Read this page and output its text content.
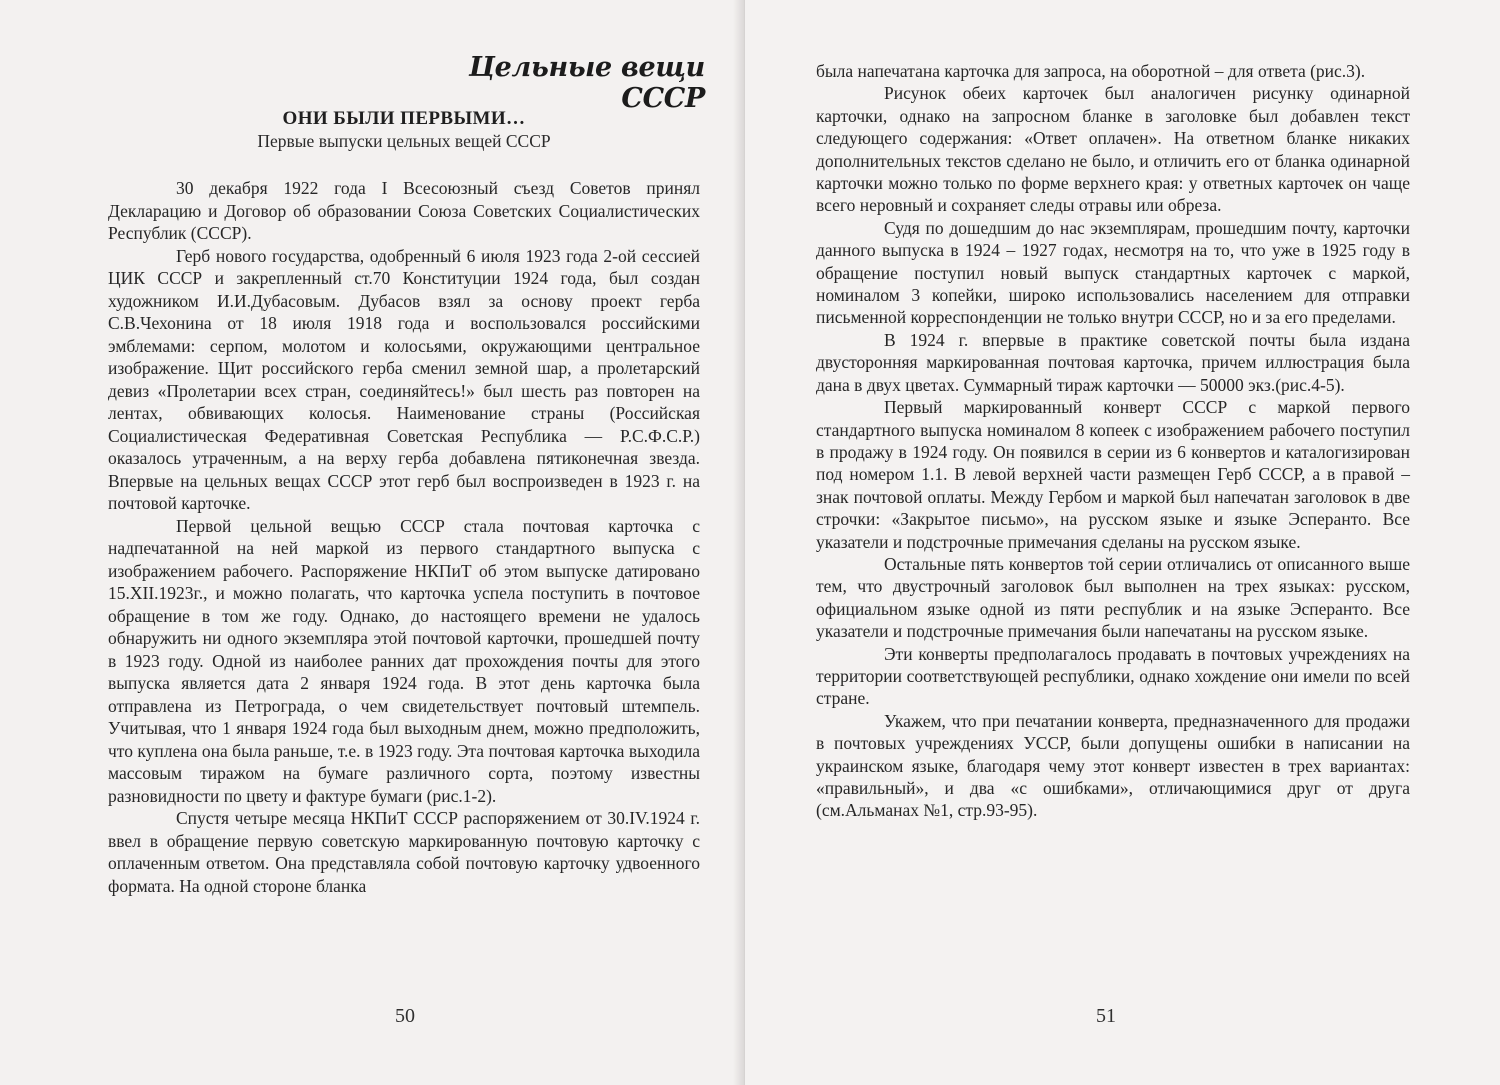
Цельные вещи СССР
ОНИ БЫЛИ ПЕРВЫМИ…
Первые выпуски цельных вещей СССР

30 декабря 1922 года I Всесоюзный съезд Советов принял Декларацию и Договор об образовании Союза Советских Социалистических Республик (СССР).

Герб нового государства, одобренный 6 июля 1923 года 2-ой сессией ЦИК СССР и закрепленный ст.70 Конституции 1924 года, был создан художником И.И.Дубасовым. Дубасов взял за основу проект герба С.В.Чехонина от 18 июля 1918 года и воспользовался российскими эмблемами: серпом, молотом и колосьями, окружающими центральное изображение. Щит российского герба сменил земной шар, а пролетарский девиз «Пролетарии всех стран, соединяйтесь!» был шесть раз повторен на лентах, обвивающих колосья. Наименование страны (Российская Социалистическая Федеративная Советская Республика — Р.С.Ф.С.Р.) оказалось утраченным, а на верху герба добавлена пятиконечная звезда. Впервые на цельных вещах СССР этот герб был воспроизведен в 1923 г. на почтовой карточке.

Первой цельной вещью СССР стала почтовая карточка с надпечатанной на ней маркой из первого стандартного выпуска с изображением рабочего. Распоряжение НКПиТ об этом выпуске датировано 15.XII.1923г., и можно полагать, что карточка успела поступить в почтовое обращение в том же году. Однако, до настоящего времени не удалось обнаружить ни одного экземпляра этой почтовой карточки, прошедшей почту в 1923 году. Одной из наиболее ранних дат прохождения почты для этого выпуска является дата 2 января 1924 года. В этот день карточка была отправлена из Петрограда, о чем свидетельствует почтовый штемпель. Учитывая, что 1 января 1924 года был выходным днем, можно предположить, что куплена она была раньше, т.е. в 1923 году. Эта почтовая карточка выходила массовым тиражом на бумаге различного сорта, поэтому известны разновидности по цвету и фактуре бумаги (рис.1-2).

Спустя четыре месяца НКПиТ СССР распоряжением от 30.IV.1924 г. ввел в обращение первую советскую маркированную почтовую карточку с оплаченным ответом. Она представляла собой почтовую карточку удвоенного формата. На одной стороне бланка

50

была напечатана карточка для запроса, на оборотной – для ответа (рис.3).

Рисунок обеих карточек был аналогичен рисунку одинарной карточки, однако на запросном бланке в заголовке был добавлен текст следующего содержания: «Ответ оплачен». На ответном бланке никаких дополнительных текстов сделано не было, и отличить его от бланка одинарной карточки можно только по форме верхнего края: у ответных карточек он чаще всего неровный и сохраняет следы отравы или обреза.

Судя по дошедшим до нас экземплярам, прошедшим почту, карточки данного выпуска в 1924 – 1927 годах, несмотря на то, что уже в 1925 году в обращение поступил новый выпуск стандартных карточек с маркой, номиналом 3 копейки, широко использовались населением для отправки письменной корреспонденции не только внутри СССР, но и за его пределами.

В 1924 г. впервые в практике советской почты была издана двусторонняя маркированная почтовая карточка, причем иллюстрация была дана в двух цветах. Суммарный тираж карточки — 50000 экз.(рис.4-5).

Первый маркированный конверт СССР с маркой первого стандартного выпуска номиналом 8 копеек с изображением рабочего поступил в продажу в 1924 году. Он появился в серии из 6 конвертов и каталогизирован под номером 1.1. В левой верхней части размещен Герб СССР, а в правой – знак почтовой оплаты. Между Гербом и маркой был напечатан заголовок в две строчки: «Закрытое письмо», на русском языке и языке Эсперанто. Все указатели и подстрочные примечания сделаны на русском языке.

Остальные пять конвертов той серии отличались от описанного выше тем, что двустрочный заголовок был выполнен на трех языках: русском, официальном языке одной из пяти республик и на языке Эсперанто. Все указатели и подстрочные примечания были напечатаны на русском языке.

Эти конверты предполагалось продавать в почтовых учреждениях на территории соответствующей республики, однако хождение они имели по всей стране.

Укажем, что при печатании конверта, предназначенного для продажи в почтовых учреждениях УССР, были допущены ошибки в написании на украинском языке, благодаря чему этот конверт известен в трех вариантах: «правильный», и два «с ошибками», отличающимися друг от друга (см.Альманах №1, стр.93-95).

51
